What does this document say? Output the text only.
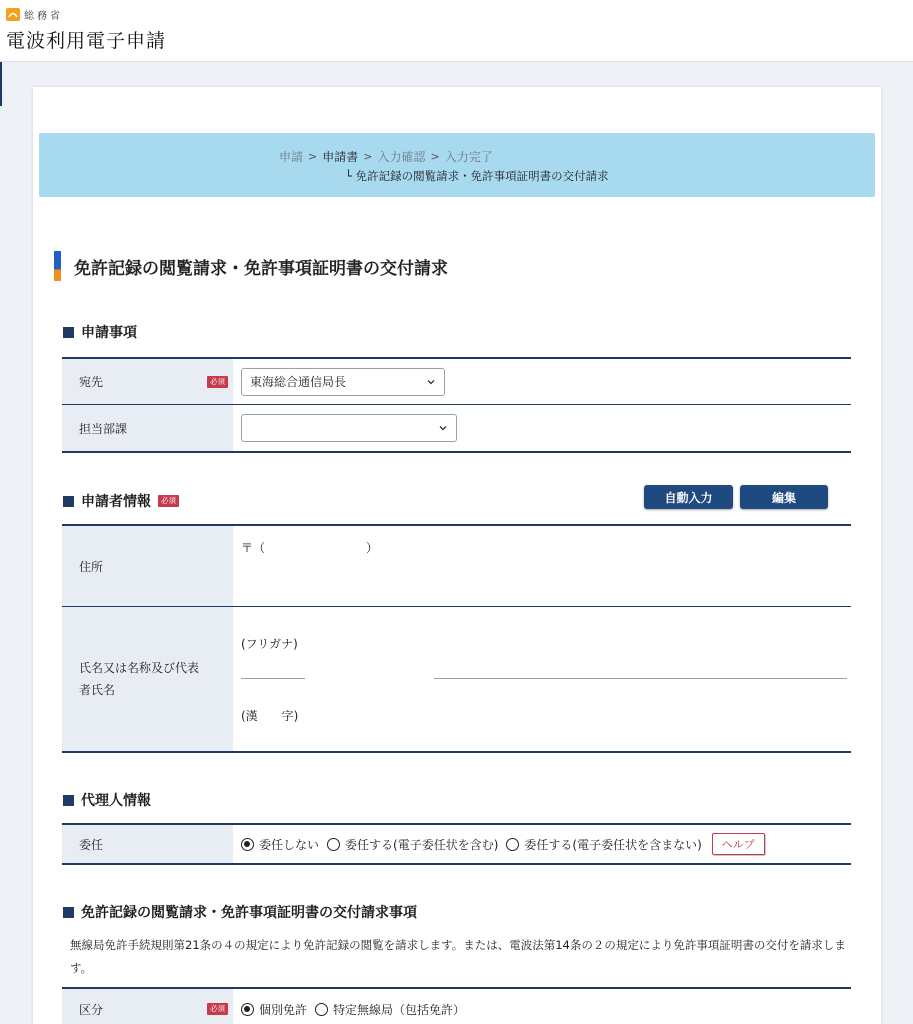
総務省
電波利用電子申請
申請 > 申請書 > 入力確認 > 入力完了
└ 免許記録の閲覧請求・免許事項証明書の交付請求
免許記録の閲覧請求・免許事項証明書の交付請求
申請事項
宛先	必須 東海総合通信局長
担当部課
申請者情報	必須	自動入力	編集
住所
〒（	）
氏名又は名称及び代表者氏名
(フリガナ)
(漢　　字)
代理人情報
委任	委任しない 委任する(電子委任状を含む) 委任する(電子委任状を含まない)	ヘルプ
免許記録の閲覧請求・免許事項証明書の交付請求事項
無線局免許手続規則第21条の４の規定により免許記録の閲覧を請求します。または、電波法第14条の２の規定により免許事項証明書の交付を請求します。
区分	必須	個別免許 特定無線局（包括免許）
